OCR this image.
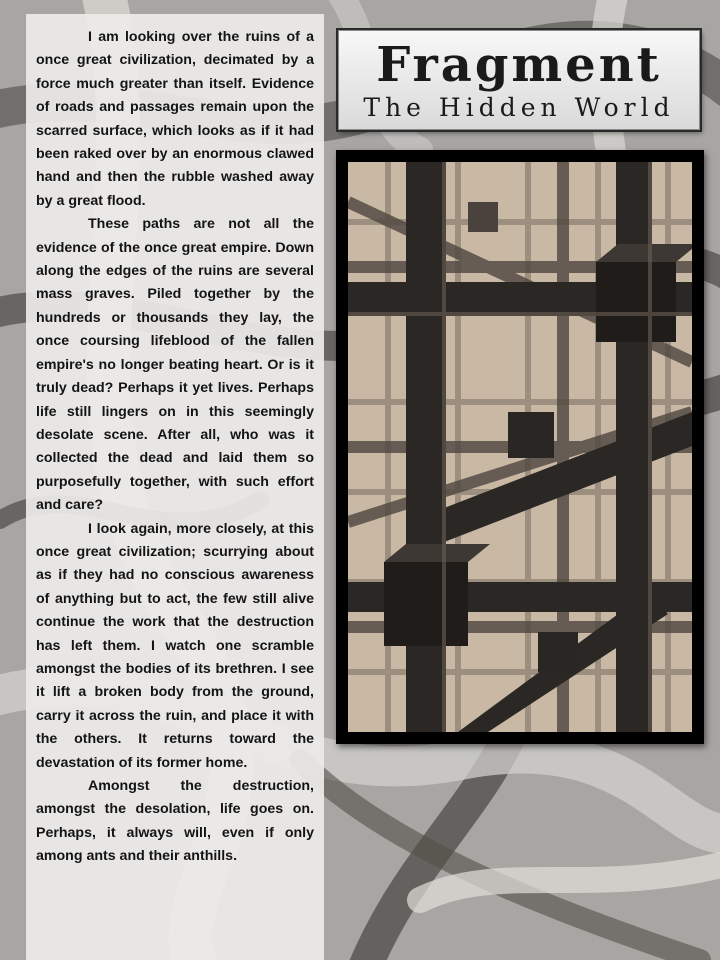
I am looking over the ruins of a once great civilization, decimated by a force much greater than itself. Evidence of roads and passages remain upon the scarred surface, which looks as if it had been raked over by an enormous clawed hand and then the rubble washed away by a great flood.

These paths are not all the evidence of the once great empire. Down along the edges of the ruins are several mass graves. Piled together by the hundreds or thousands they lay, the once coursing lifeblood of the fallen empire's no longer beating heart. Or is it truly dead? Perhaps it yet lives. Perhaps life still lingers on in this seemingly desolate scene. After all, who was it collected the dead and laid them so purposefully together, with such effort and care?

I look again, more closely, at this once great civilization; scurrying about as if they had no conscious awareness of anything but to act, the few still alive continue the work that the destruction has left them. I watch one scramble amongst the bodies of its brethren. I see it lift a broken body from the ground, carry it across the ruin, and place it with the others. It returns toward the devastation of its former home.

Amongst the destruction, amongst the desolation, life goes on. Perhaps, it always will, even if only among ants and their anthills.

Fragment
The Hidden World
